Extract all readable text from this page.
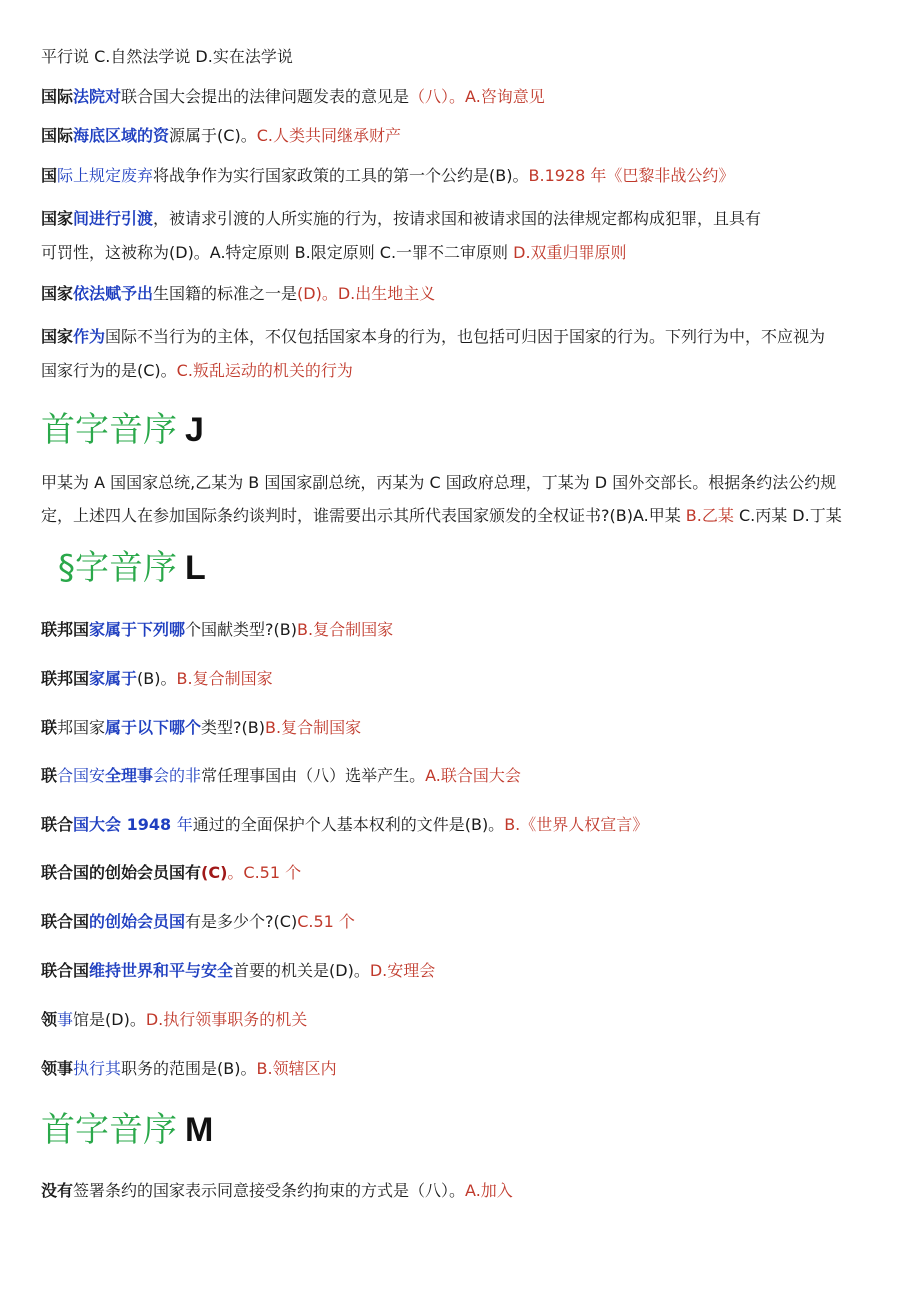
平行说 C.自然法学说 D.实在法学说
国际法院对联合国大会提出的法律问题发表的意见是（八）。A.咨询意见
国际海底区域的资源属于(C)。C.人类共同继承财产
国际上规定废弃将战争作为实行国家政策的工具的第一个公约是(B)。B.1928 年《巴黎非战公约》
国家间进行引渡，被请求引渡的人所实施的行为，按请求国和被请求国的法律规定都构成犯罪，且具有
可罚性，这被称为(D)。A.特定原则 B.限定原则 C.一罪不二审原则 D.双重归罪原则
国家依法赋予出生国籍的标准之一是(D)。D.出生地主义
国家作为国际不当行为的主体，不仅包括国家本身的行为，也包括可归因于国家的行为。下列行为中，不应视为
国家行为的是(C)。C.叛乱运动的机关的行为
首字音序 J
甲某为 A 国国家总统,乙某为 B 国国家副总统，丙某为 C 国政府总理，丁某为 D 国外交部长。根据条约法公约规
定，上述四人在参加国际条约谈判时，谁需要出示其所代表国家颁发的全权证书?(B)A.甲某 B.乙某 C.丙某 D.丁某
§字音序 L
联邦国家属于下列哪个国献类型?(B)B.复合制国家
联邦国家属于(B)。B.复合制国家
联邦国家属于以下哪个类型?(B)B.复合制国家
联合国安全理事会的非常任理事国由（八）选举产生。A.联合国大会
联合国大会 1948 年通过的全面保护个人基本权利的文件是(B)。B.《世界人权宣言》
联合国的创始会员国有(C)。C.51 个
联合国的创始会员国有是多少个?(C)C.51 个
联合国维持世界和平与安全首要的机关是(D)。D.安理会
领事馆是(D)。D.执行领事职务的机关
领事执行其职务的范围是(B)。B.领辖区内
首字音序 M
没有签署条约的国家表示同意接受条约拘束的方式是（八）。A.加入
